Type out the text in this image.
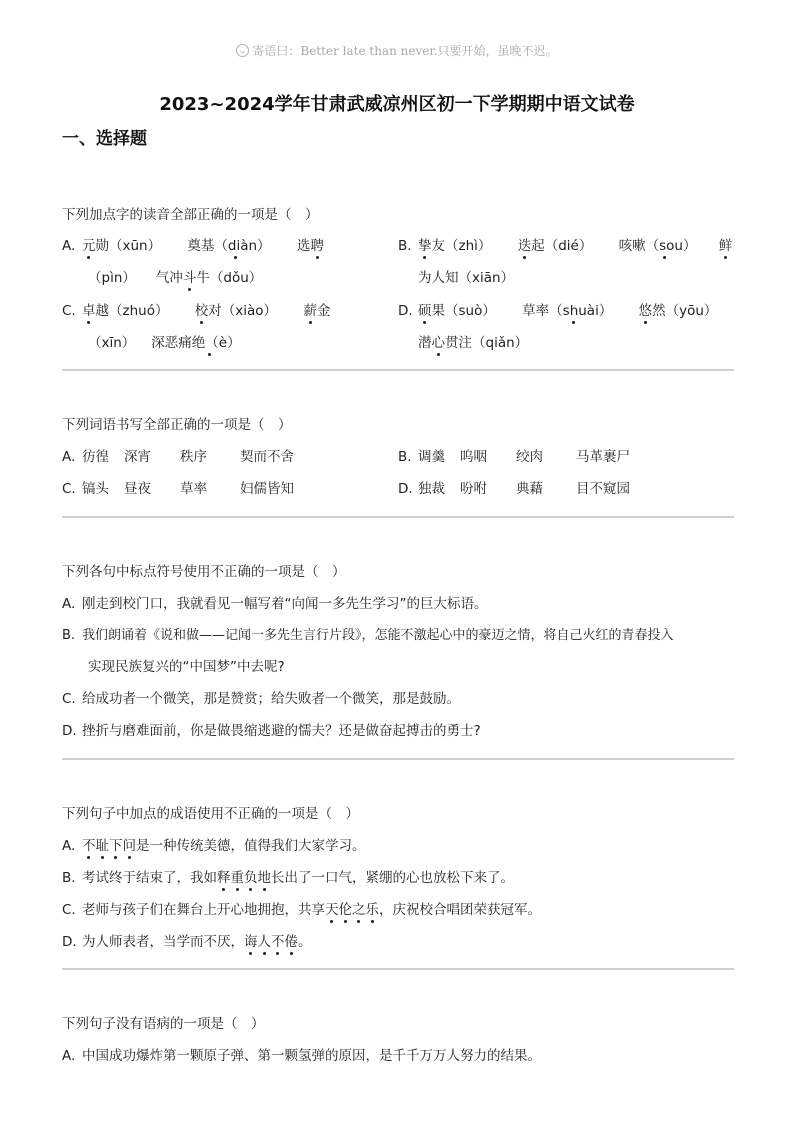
寄语曰：Better late than never.只要开始，虽晚不迟。
2023~2024学年甘肃武威凉州区初一下学期期中语文试卷
一、选择题
下列加点字的读音全部正确的一项是（　）
A. 元勋（xūn） 奠基（diàn） 选聘
（pìn） 气冲斗牛（dǒu）
B. 挚友（zhì） 迭起（dié） 咳嗽（sou） 鲜
为人知（xiān）
C. 卓越（zhuó） 校对（xiào） 薪金
（xīn） 深恶痛绝（è）
D. 硕果（suò） 草率（shuài） 悠然（yōu）
潜心贯注（qiǎn）
下列词语书写全部正确的一项是（　）
A. 彷徨 深宵 秩序 契而不舍	B. 调羹 呜咽 绞肉 马革裹尸
C. 镐头 昼夜 草率 妇儒皆知	D. 独裁 吩咐 典藉 目不窥园
下列各句中标点符号使用不正确的一项是（　）
A. 刚走到校门口，我就看见一幅写着“向闻一多先生学习”的巨大标语。
B. 我们朗诵着《说和做——记闻一多先生言行片段》，怎能不激起心中的豪迈之情，将自己火红的青春投入
实现民族复兴的“中国梦”中去呢?
C. 给成功者一个微笑，那是赞赏；给失败者一个微笑，那是鼓励。
D. 挫折与磨难面前，你是做畏缩逃避的懦夫？还是做奋起搏击的勇士?
下列句子中加点的成语使用不正确的一项是（　）
A. 不耻下问是一种传统美德，值得我们大家学习。
B. 考试终于结束了，我如释重负地长出了一口气，紧绷的心也放松下来了。
C. 老师与孩子们在舞台上开心地拥抱，共享天伦之乐，庆祝校合唱团荣获冠军。
D. 为人师表者，当学而不厌，诲人不倦。
下列句子没有语病的一项是（　）
A. 中国成功爆炸第一颗原子弹、第一颗氢弹的原因，是千千万万人努力的结果。
